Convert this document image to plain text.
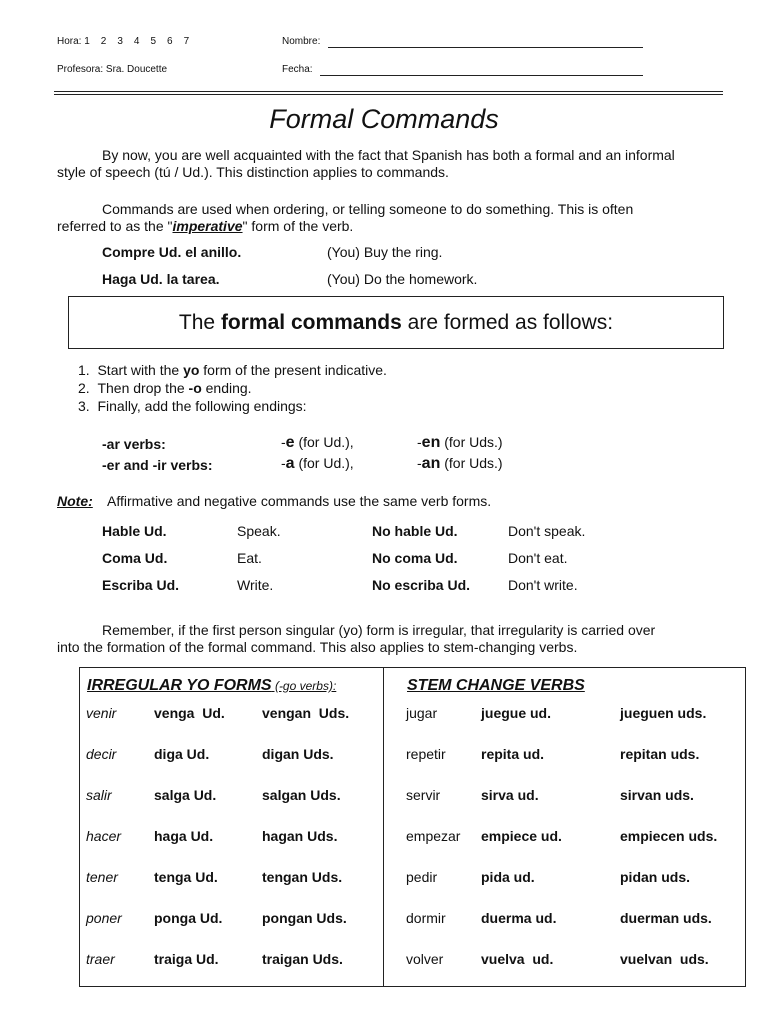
Hora: 1 2 3 4 5 6 7	Nombre:
Profesora: Sra. Doucette	Fecha:
Formal Commands
By now, you are well acquainted with the fact that Spanish has both a formal and an informal
style of speech (tú / Ud.). This distinction applies to commands.
Commands are used when ordering, or telling someone to do something. This is often
referred to as the "imperative" form of the verb.
Compre Ud. el anillo.	(You) Buy the ring.
Haga Ud. la tarea.	(You) Do the homework.
The formal commands are formed as follows:
1. Start with the yo form of the present indicative.
2. Then drop the -o ending.
3. Finally, add the following endings:
-ar verbs:	-e (for Ud.),	-en (for Uds.)
-er and -ir verbs:	-a (for Ud.),	-an (for Uds.)
Note: Affirmative and negative commands use the same verb forms.
Hable Ud.	Speak.	No hable Ud.	Don't speak.
Coma Ud.	Eat.	No coma Ud.	Don't eat.
Escriba Ud.	Write.	No escriba Ud.	Don't write.
Remember, if the first person singular (yo) form is irregular, that irregularity is carried over
into the formation of the formal command. This also applies to stem-changing verbs.
IRREGULAR YO FORMS (-go verbs):	STEM CHANGE VERBS
venir	venga  Ud.	vengan  Uds.
decir	diga Ud.	digan Uds.
salir	salga Ud.	salgan Uds.
hacer haga Ud.	hagan Uds.
tener	tenga Ud.	tengan Uds.
poner ponga Ud.	pongan Uds.
traer	traiga Ud.	traigan Uds.
jugar	juegue ud.	jueguen uds.
repetir	repita ud.	repitan uds.
servir	sirva ud.	sirvan uds.
empezar empiece ud.	empiecen uds.
pedir	pida ud.	pidan uds.
dormir	duerma ud.	duerman uds.
volver	vuelva  ud.	vuelvan  uds.
